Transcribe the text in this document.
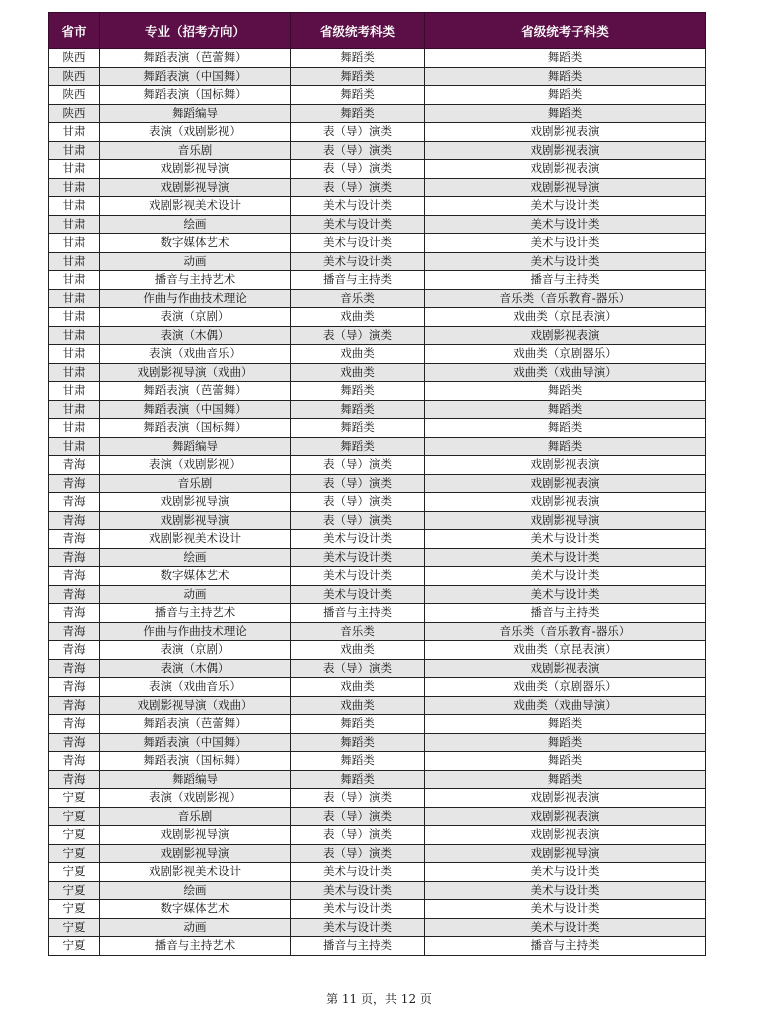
省市	专业（招考方向）	省级统考科类	省级统考子科类
陕西	舞蹈表演（芭蕾舞）	舞蹈类	舞蹈类
陕西	舞蹈表演（中国舞）	舞蹈类	舞蹈类
陕西	舞蹈表演（国标舞）	舞蹈类	舞蹈类
陕西	舞蹈编导	舞蹈类	舞蹈类
甘肃	表演（戏剧影视）	表（导）演类	戏剧影视表演
甘肃	音乐剧	表（导）演类	戏剧影视表演
甘肃	戏剧影视导演	表（导）演类	戏剧影视表演
甘肃	戏剧影视导演	表（导）演类	戏剧影视导演
甘肃	戏剧影视美术设计	美术与设计类	美术与设计类
甘肃	绘画	美术与设计类	美术与设计类
甘肃	数字媒体艺术	美术与设计类	美术与设计类
甘肃	动画	美术与设计类	美术与设计类
甘肃	播音与主持艺术	播音与主持类	播音与主持类
甘肃	作曲与作曲技术理论	音乐类	音乐类（音乐教育-器乐）
甘肃	表演（京剧）	戏曲类	戏曲类（京昆表演）
甘肃	表演（木偶）	表（导）演类	戏剧影视表演
甘肃	表演（戏曲音乐）	戏曲类	戏曲类（京剧器乐）
甘肃	戏剧影视导演（戏曲）	戏曲类	戏曲类（戏曲导演）
甘肃	舞蹈表演（芭蕾舞）	舞蹈类	舞蹈类
甘肃	舞蹈表演（中国舞）	舞蹈类	舞蹈类
甘肃	舞蹈表演（国标舞）	舞蹈类	舞蹈类
甘肃	舞蹈编导	舞蹈类	舞蹈类
青海	表演（戏剧影视）	表（导）演类	戏剧影视表演
青海	音乐剧	表（导）演类	戏剧影视表演
青海	戏剧影视导演	表（导）演类	戏剧影视表演
青海	戏剧影视导演	表（导）演类	戏剧影视导演
青海	戏剧影视美术设计	美术与设计类	美术与设计类
青海	绘画	美术与设计类	美术与设计类
青海	数字媒体艺术	美术与设计类	美术与设计类
青海	动画	美术与设计类	美术与设计类
青海	播音与主持艺术	播音与主持类	播音与主持类
青海	作曲与作曲技术理论	音乐类	音乐类（音乐教育-器乐）
青海	表演（京剧）	戏曲类	戏曲类（京昆表演）
青海	表演（木偶）	表（导）演类	戏剧影视表演
青海	表演（戏曲音乐）	戏曲类	戏曲类（京剧器乐）
青海	戏剧影视导演（戏曲）	戏曲类	戏曲类（戏曲导演）
青海	舞蹈表演（芭蕾舞）	舞蹈类	舞蹈类
青海	舞蹈表演（中国舞）	舞蹈类	舞蹈类
青海	舞蹈表演（国标舞）	舞蹈类	舞蹈类
青海	舞蹈编导	舞蹈类	舞蹈类
宁夏	表演（戏剧影视）	表（导）演类	戏剧影视表演
宁夏	音乐剧	表（导）演类	戏剧影视表演
宁夏	戏剧影视导演	表（导）演类	戏剧影视表演
宁夏	戏剧影视导演	表（导）演类	戏剧影视导演
宁夏	戏剧影视美术设计	美术与设计类	美术与设计类
宁夏	绘画	美术与设计类	美术与设计类
宁夏	数字媒体艺术	美术与设计类	美术与设计类
宁夏	动画	美术与设计类	美术与设计类
宁夏	播音与主持艺术	播音与主持类	播音与主持类
第 11 页，共 12 页
